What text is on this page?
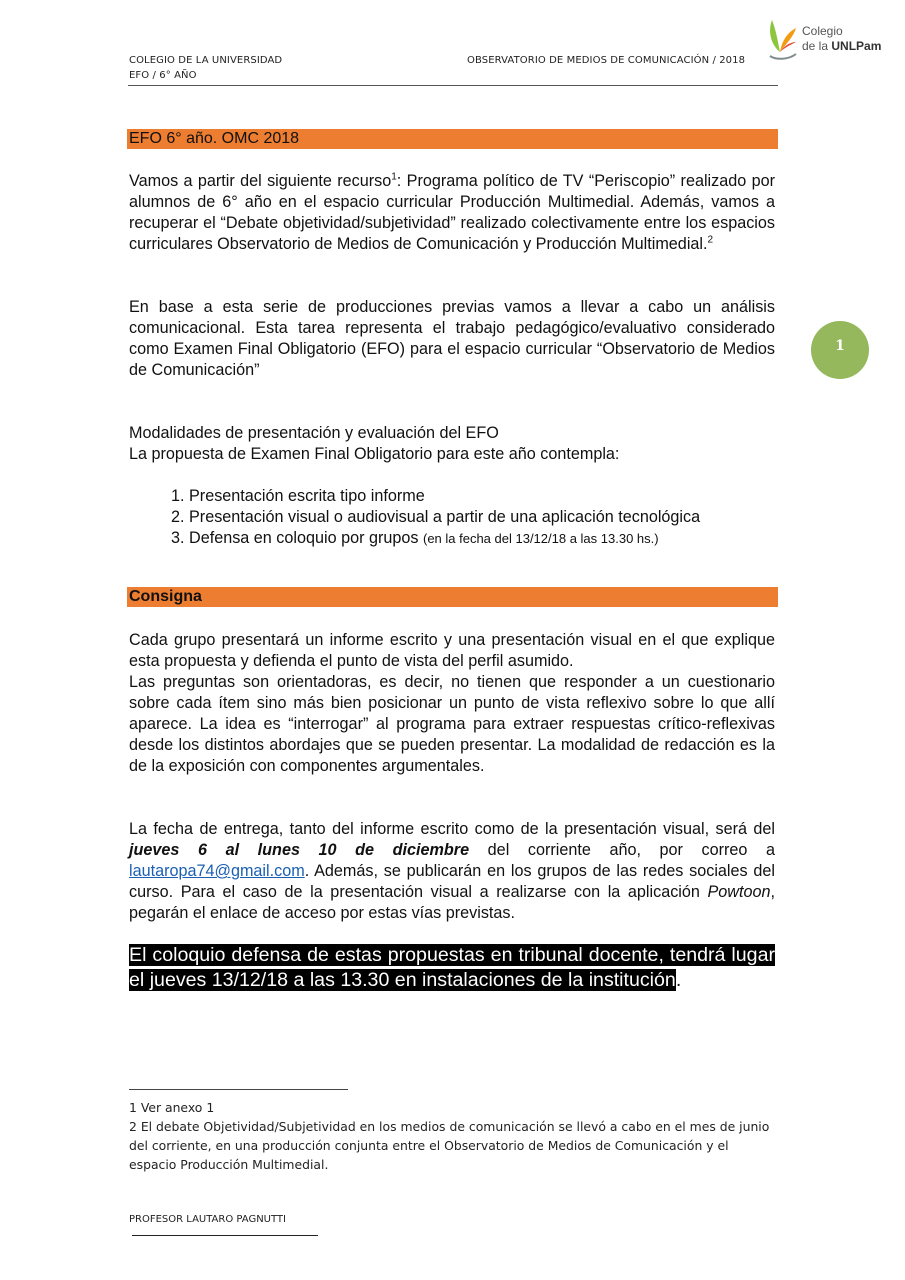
COLEGIO DE LA UNIVERSIDAD
EFO / 6° AÑO
OBSERVATORIO DE MEDIOS DE COMUNICACIÓN / 2018
Colegio
de la UNLPam
1
EFO 6° año. OMC 2018

Vamos a partir del siguiente recurso$^1$: Programa político de TV “Periscopio” realizado por alumnos de 6° año en el espacio curricular Producción Multimedial. Además, vamos a recuperar el “Debate objetividad/subjetividad” realizado colectivamente entre los espacios curriculares Observatorio de Medios de Comunicación y Producción Multimedial.$^2$

En base a esta serie de producciones previas vamos a llevar a cabo un análisis comunicacional. Esta tarea representa el trabajo pedagógico/evaluativo considerado como Examen Final Obligatorio (EFO) para el espacio curricular “Observatorio de Medios de Comunicación”

Modalidades de presentación y evaluación del EFO

La propuesta de Examen Final Obligatorio para este año contempla:

1. Presentación escrita tipo informe
2. Presentación visual o audiovisual a partir de una aplicación tecnológica
3. Defensa en coloquio por grupos (en la fecha del 13/12/18 a las 13.30 hs.)
Consigna

Cada grupo presentará un informe escrito y una presentación visual en el que explique esta propuesta y defienda el punto de vista del perfil asumido.

Las preguntas son orientadoras, es decir, no tienen que responder a un cuestionario sobre cada ítem sino más bien posicionar un punto de vista reflexivo sobre lo que allí aparece. La idea es “interrogar” al programa para extraer respuestas crítico-reflexivas desde los distintos abordajes que se pueden presentar. La modalidad de redacción es la de la exposición con componentes argumentales.

La fecha de entrega, tanto del informe escrito como de la presentación visual, será del jueves 6 al lunes 10 de diciembre del corriente año, por correo a lautaropa74@gmail.com. Además, se publicarán en los grupos de las redes sociales del curso. Para el caso de la presentación visual a realizarse con la aplicación Powtoon, pegarán el enlace de acceso por estas vías previstas.

El coloquio defensa de estas propuestas en tribunal docente, tendrá lugar el jueves 13/12/18 a las 13.30 en instalaciones de la institución.
1 Ver anexo 1
2 El debate Objetividad/Subjetividad en los medios de comunicación se llevó a cabo en el mes de junio del corriente, en una producción conjunta entre el Observatorio de Medios de Comunicación y el espacio Producción Multimedial.
PROFESOR LAUTARO PAGNUTTI
